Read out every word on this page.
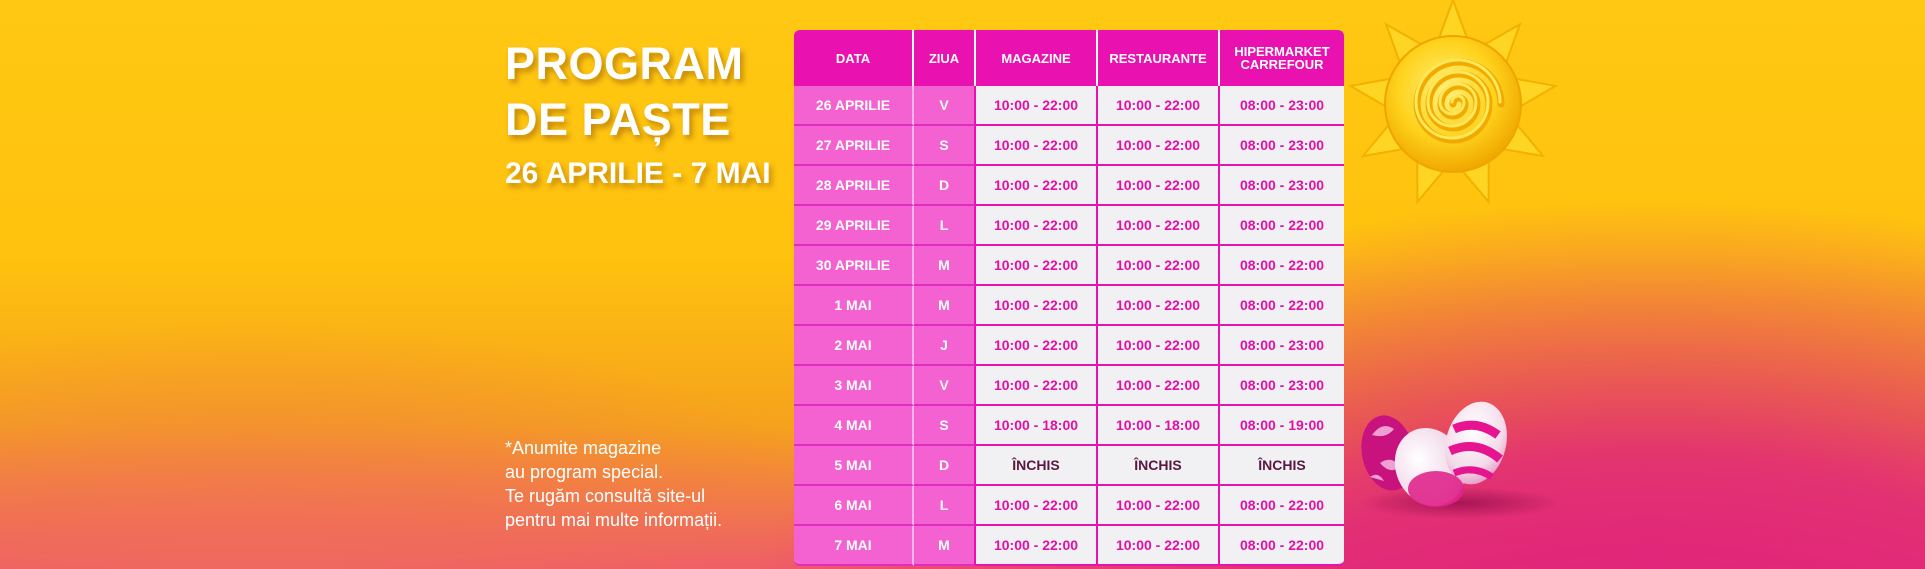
PROGRAM
DE PAȘTE
26 APRILIE - 7 MAI
*Anumite magazine
au program special.
Te rugăm consultă site-ul
pentru mai multe informații.
DATA	ZIUA	MAGAZINE	RESTAURANTE	HIPERMARKET CARREFOUR
26 APRILIE	V	10:00 - 22:00	10:00 - 22:00	08:00 - 23:00
27 APRILIE	S	10:00 - 22:00	10:00 - 22:00	08:00 - 23:00
28 APRILIE	D	10:00 - 22:00	10:00 - 22:00	08:00 - 23:00
29 APRILIE	L	10:00 - 22:00	10:00 - 22:00	08:00 - 22:00
30 APRILIE	M	10:00 - 22:00	10:00 - 22:00	08:00 - 22:00
1 MAI	M	10:00 - 22:00	10:00 - 22:00	08:00 - 22:00
2 MAI	J	10:00 - 22:00	10:00 - 22:00	08:00 - 23:00
3 MAI	V	10:00 - 22:00	10:00 - 22:00	08:00 - 23:00
4 MAI	S	10:00 - 18:00	10:00 - 18:00	08:00 - 19:00
5 MAI	D	ÎNCHIS	ÎNCHIS	ÎNCHIS
6 MAI	L	10:00 - 22:00	10:00 - 22:00	08:00 - 22:00
7 MAI	M	10:00 - 22:00	10:00 - 22:00	08:00 - 22:00
